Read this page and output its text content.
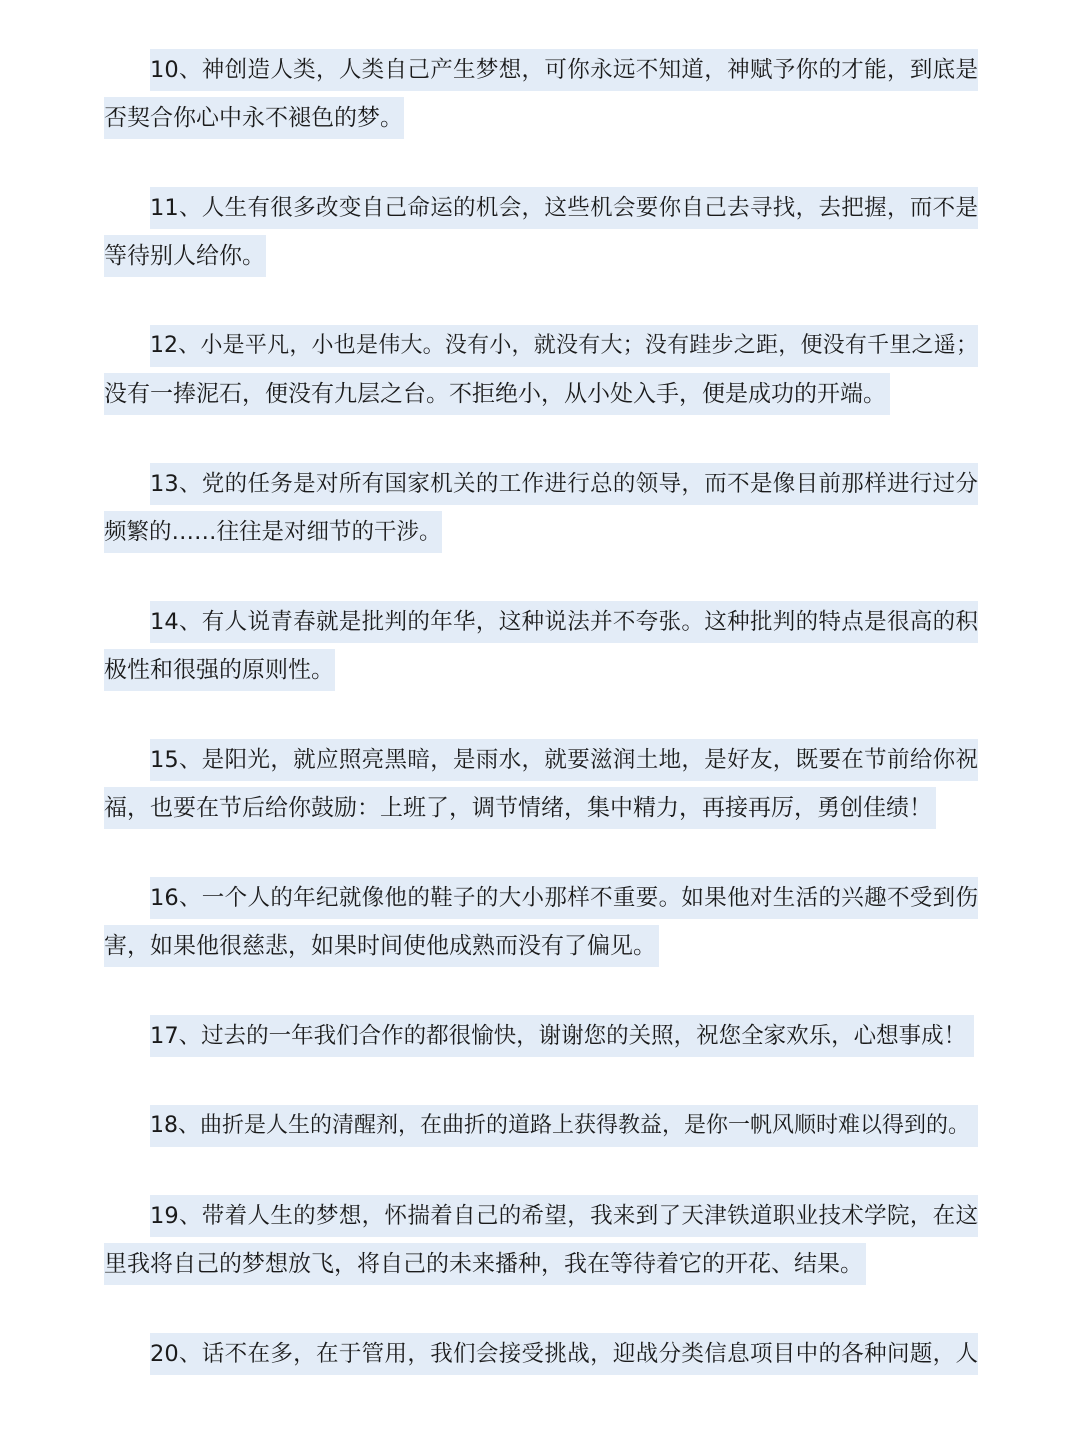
10、神创造人类，人类自己产生梦想，可你永远不知道，神赋予你的才能，到底是
否契合你心中永不褪色的梦。
11、人生有很多改变自己命运的机会，这些机会要你自己去寻找，去把握，而不是
等待别人给你。
12、小是平凡，小也是伟大。没有小，就没有大；没有跬步之距，便没有千里之遥；
没有一捧泥石，便没有九层之台。不拒绝小，从小处入手，便是成功的开端。
13、党的任务是对所有国家机关的工作进行总的领导，而不是像目前那样进行过分
频繁的……往往是对细节的干涉。
14、有人说青春就是批判的年华，这种说法并不夸张。这种批判的特点是很高的积
极性和很强的原则性。
15、是阳光，就应照亮黑暗，是雨水，就要滋润土地，是好友，既要在节前给你祝
福，也要在节后给你鼓励：上班了，调节情绪，集中精力，再接再厉，勇创佳绩！
16、一个人的年纪就像他的鞋子的大小那样不重要。如果他对生活的兴趣不受到伤
害，如果他很慈悲，如果时间使他成熟而没有了偏见。
17、过去的一年我们合作的都很愉快，谢谢您的关照，祝您全家欢乐，心想事成！
18、曲折是人生的清醒剂，在曲折的道路上获得教益，是你一帆风顺时难以得到的。
19、带着人生的梦想，怀揣着自己的希望，我来到了天津铁道职业技术学院，在这
里我将自己的梦想放飞，将自己的未来播种，我在等待着它的开花、结果。
20、话不在多，在于管用，我们会接受挑战，迎战分类信息项目中的各种问题，人
